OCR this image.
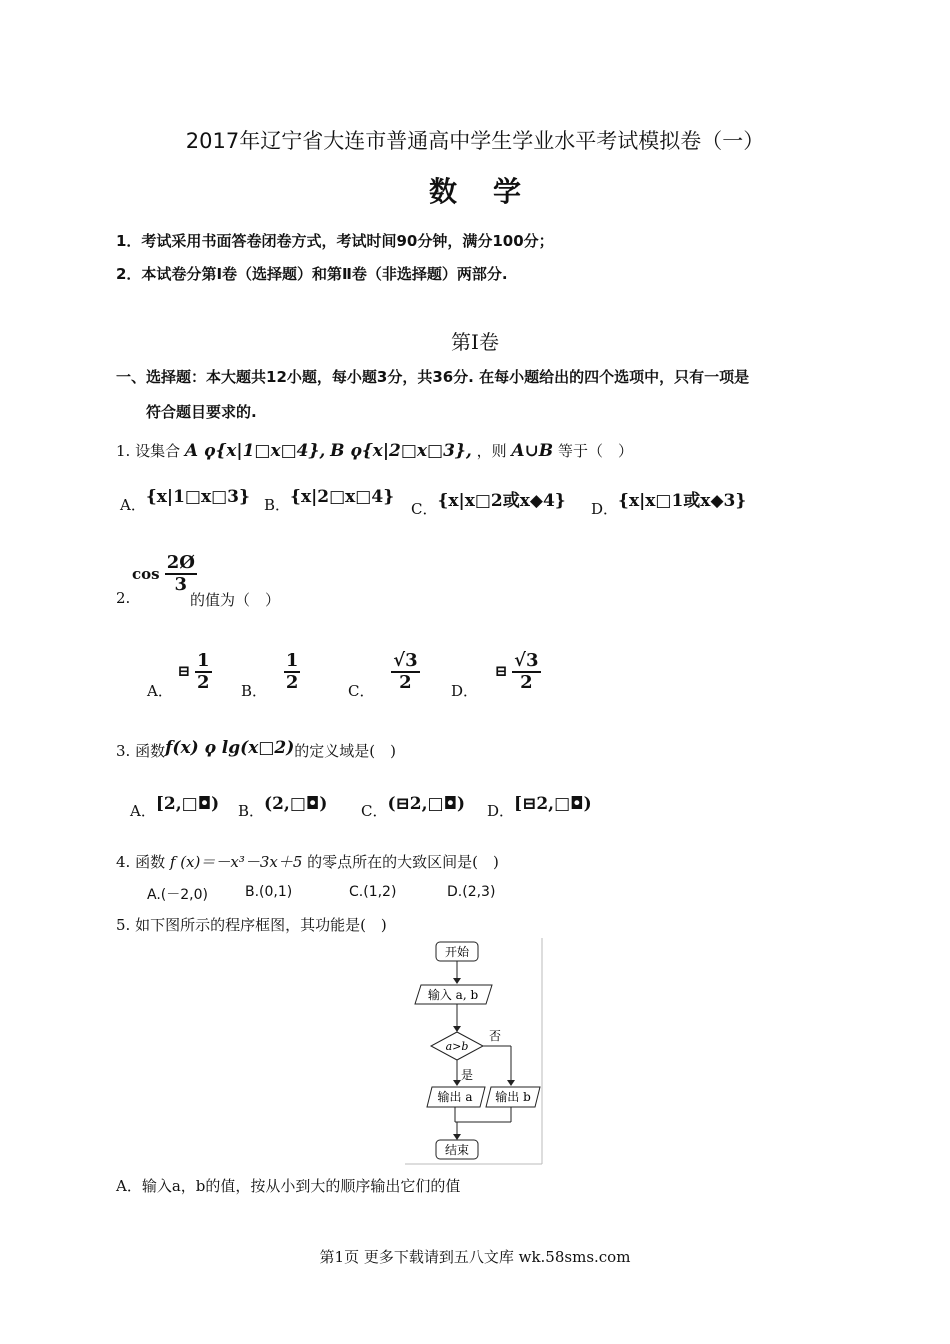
2017年辽宁省大连市普通高中学生学业水平考试模拟卷（一）
数学
1．考试采用书面答卷闭卷方式，考试时间90分钟，满分100分；
2．本试卷分第Ⅰ卷（选择题）和第Ⅱ卷（非选择题）两部分.
第Ⅰ卷
一、选择题：本大题共12小题，每小题3分，共36分. 在每小题给出的四个选项中，只有一项是
符合题目要求的.
1. 设集合 A ϙ{x|1□x□4}, B ϙ{x|2□x□3}, ，则 A∪B 等于（　）
A．{x|1□x□3} B．{x|2□x□4}
C．{x|x□2或x◆4} D．{x|x□1或x◆3}
$\cos \frac{2Ø}{3}$
2.	的值为（　）
A． ⊟ $\frac{1}{2}$ B． $\frac{1}{2}$	C． $\frac{√3}{2}$ D． ⊟ $\frac{√3}{2}$
3. 函数f(x) ϙ lg(x□2)的定义域是(　)
A．[2,□◘) B．(2,□◘) C．(⊟2,□◘) D．[⊟2,□◘)
4. 函数 f (x)＝－x³－3x＋5 的零点所在的大致区间是(　)
A.(－2,0)	B.(0,1)	C.(1,2)	D.(2,3)
5. 如下图所示的程序框图，其功能是(　)
开始
输入 a, b
a>b
否
是
输出 a 输出 b
结束
A．输入a，b的值，按从小到大的顺序输出它们的值
第1页 更多下载请到五八文库 wk.58sms.com
